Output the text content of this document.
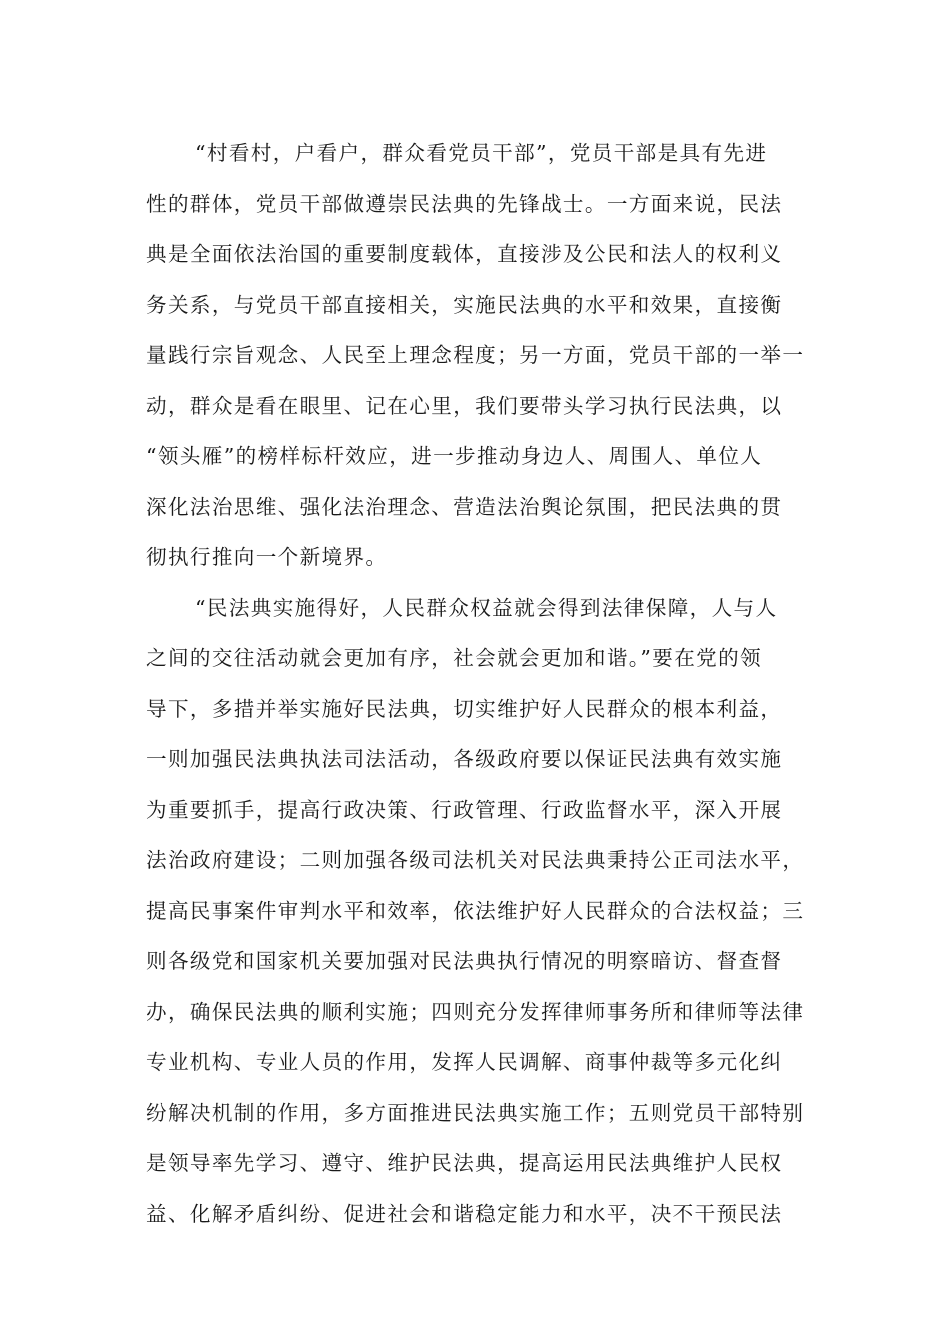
“村看村，户看户，群众看党员干部”，党员干部是具有先进
性的群体，党员干部做遵崇民法典的先锋战士。一方面来说，民法
典是全面依法治国的重要制度载体，直接涉及公民和法人的权利义
务关系，与党员干部直接相关，实施民法典的水平和效果，直接衡
量践行宗旨观念、人民至上理念程度；另一方面，党员干部的一举一
动，群众是看在眼里、记在心里，我们要带头学习执行民法典，以
“领头雁”的榜样标杆效应，进一步推动身边人、周围人、单位人
深化法治思维、强化法治理念、营造法治舆论氛围，把民法典的贯
彻执行推向一个新境界。
“民法典实施得好，人民群众权益就会得到法律保障，人与人
之间的交往活动就会更加有序，社会就会更加和谐。”要在党的领
导下，多措并举实施好民法典，切实维护好人民群众的根本利益，
一则加强民法典执法司法活动，各级政府要以保证民法典有效实施
为重要抓手，提高行政决策、行政管理、行政监督水平，深入开展
法治政府建设；二则加强各级司法机关对民法典秉持公正司法水平，
提高民事案件审判水平和效率，依法维护好人民群众的合法权益；三
则各级党和国家机关要加强对民法典执行情况的明察暗访、督查督
办，确保民法典的顺利实施；四则充分发挥律师事务所和律师等法律
专业机构、专业人员的作用，发挥人民调解、商事仲裁等多元化纠
纷解决机制的作用，多方面推进民法典实施工作；五则党员干部特别
是领导率先学习、遵守、维护民法典，提高运用民法典维护人民权
益、化解矛盾纠纷、促进社会和谐稳定能力和水平，决不干预民法
